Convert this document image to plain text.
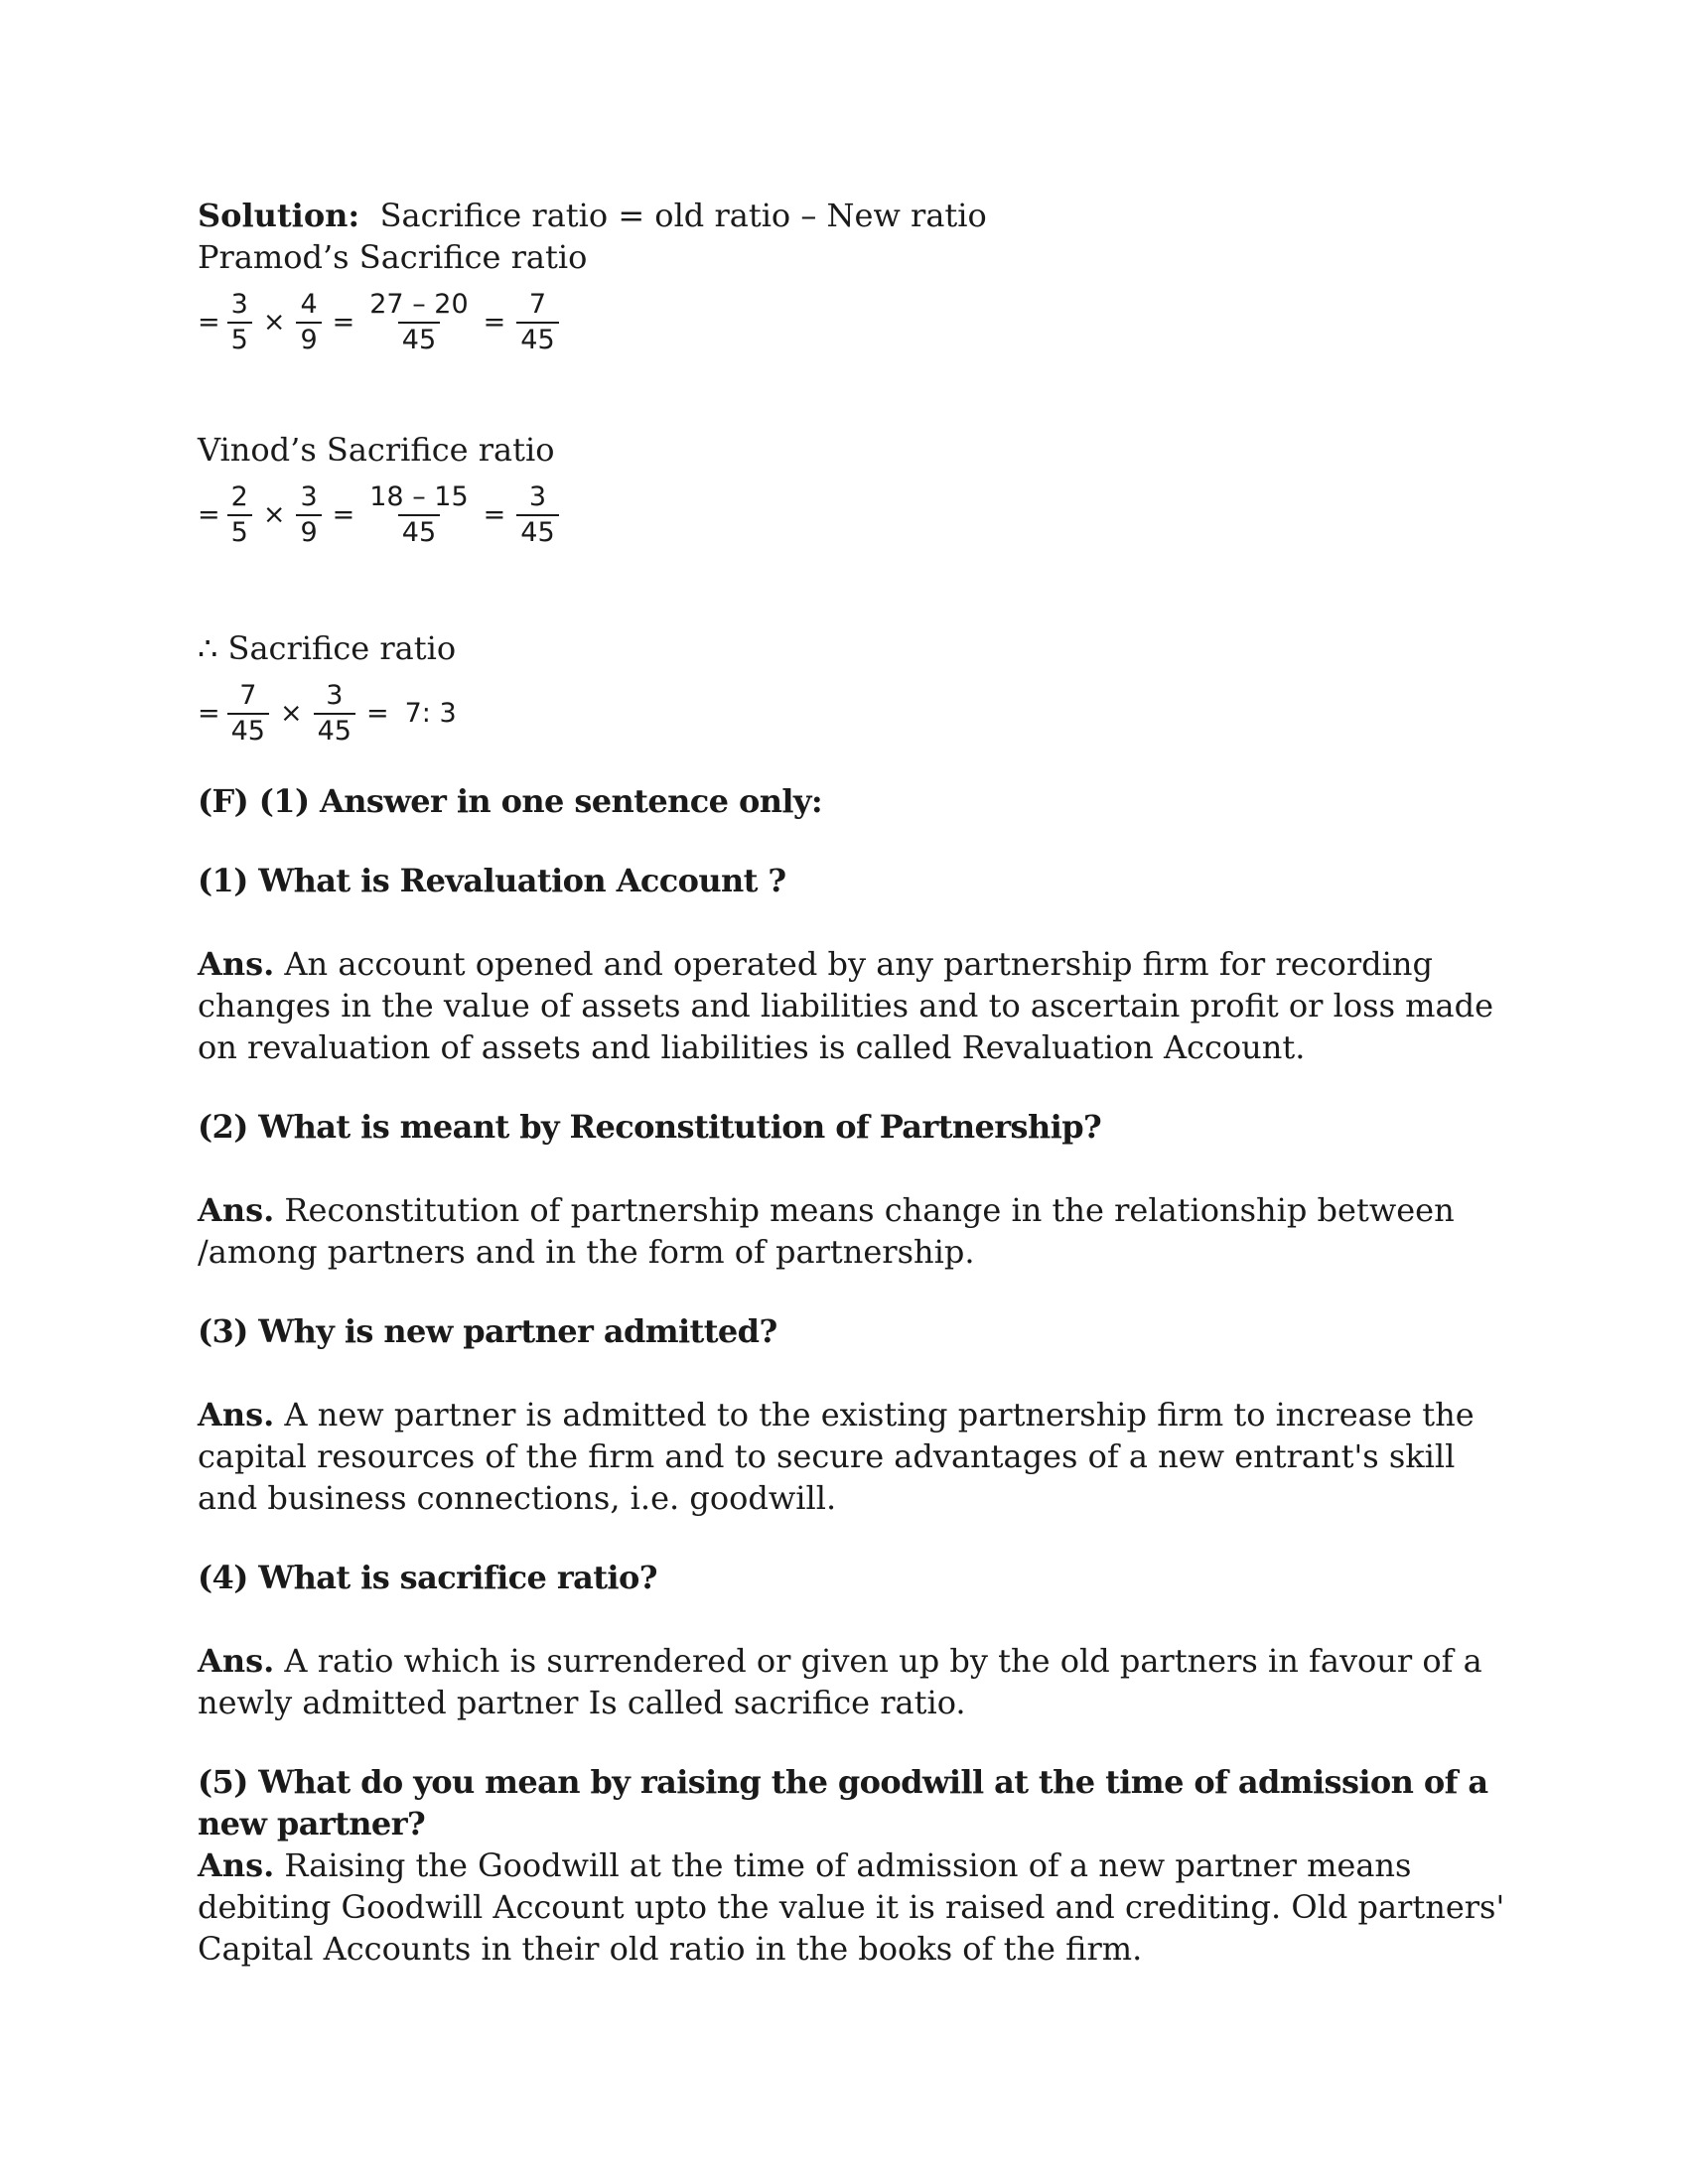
Solution: Sacrifice ratio = old ratio – New ratio
Pramod’s Sacrifice ratio
= $\frac{3}{5} \times \frac{4}{9} = \frac{27 - 20}{45} = \frac{7}{45}$
Vinod’s Sacrifice ratio
= $\frac{2}{5} \times \frac{3}{9} = \frac{18 - 15}{45} = \frac{3}{45}$
∴ Sacrifice ratio
= $\frac{7}{45} \times \frac{3}{45} = 7$: 3
(F) (1) Answer in one sentence only:
(1) What is Revaluation Account ?
Ans. An account opened and operated by any partnership firm for recording changes in the value of assets and liabilities and to ascertain profit or loss made on revaluation of assets and liabilities is called Revaluation Account.
(2) What is meant by Reconstitution of Partnership?
Ans. Reconstitution of partnership means change in the relationship between /among partners and in the form of partnership.
(3) Why is new partner admitted?
Ans. A new partner is admitted to the existing partnership firm to increase the capital resources of the firm and to secure advantages of a new entrant's skill and business connections, i.e. goodwill.
(4) What is sacrifice ratio?
Ans. A ratio which is surrendered or given up by the old partners in favour of a newly admitted partner Is called sacrifice ratio.
(5) What do you mean by raising the goodwill at the time of admission of a new partner?
Ans. Raising the Goodwill at the time of admission of a new partner means debiting Goodwill Account upto the value it is raised and crediting. Old partners' Capital Accounts in their old ratio in the books of the firm.
